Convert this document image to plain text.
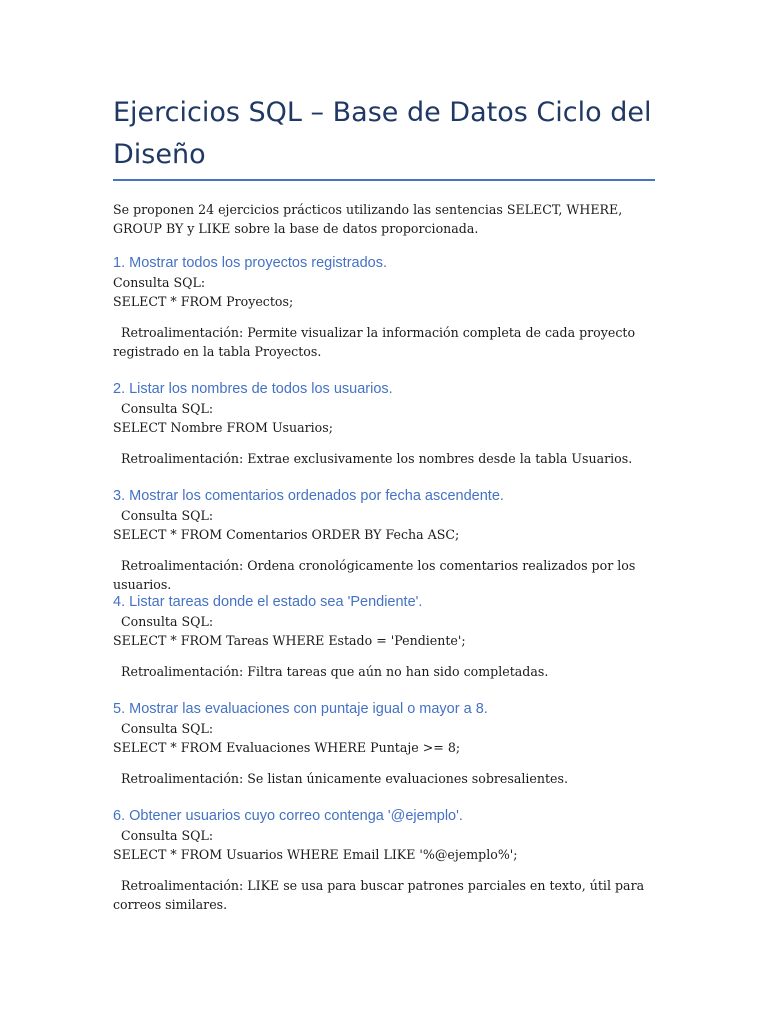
Ejercicios SQL – Base de Datos Ciclo del Diseño

Se proponen 24 ejercicios prácticos utilizando las sentencias SELECT, WHERE, GROUP BY y LIKE sobre la base de datos proporcionada.

1. Mostrar todos los proyectos registrados.

Consulta SQL:

SELECT * FROM Proyectos;

Retroalimentación: Permite visualizar la información completa de cada proyecto registrado en la tabla Proyectos.

2. Listar los nombres de todos los usuarios.

Consulta SQL:

SELECT Nombre FROM Usuarios;

Retroalimentación: Extrae exclusivamente los nombres desde la tabla Usuarios.

3. Mostrar los comentarios ordenados por fecha ascendente.

Consulta SQL:

SELECT * FROM Comentarios ORDER BY Fecha ASC;

Retroalimentación: Ordena cronológicamente los comentarios realizados por los usuarios.

4. Listar tareas donde el estado sea 'Pendiente'.

Consulta SQL:

SELECT * FROM Tareas WHERE Estado = 'Pendiente';

Retroalimentación: Filtra tareas que aún no han sido completadas.

5. Mostrar las evaluaciones con puntaje igual o mayor a 8.

Consulta SQL:

SELECT * FROM Evaluaciones WHERE Puntaje >= 8;

Retroalimentación: Se listan únicamente evaluaciones sobresalientes.

6. Obtener usuarios cuyo correo contenga '@ejemplo'.

Consulta SQL:

SELECT * FROM Usuarios WHERE Email LIKE '%@ejemplo%';

Retroalimentación: LIKE se usa para buscar patrones parciales en texto, útil para correos similares.
